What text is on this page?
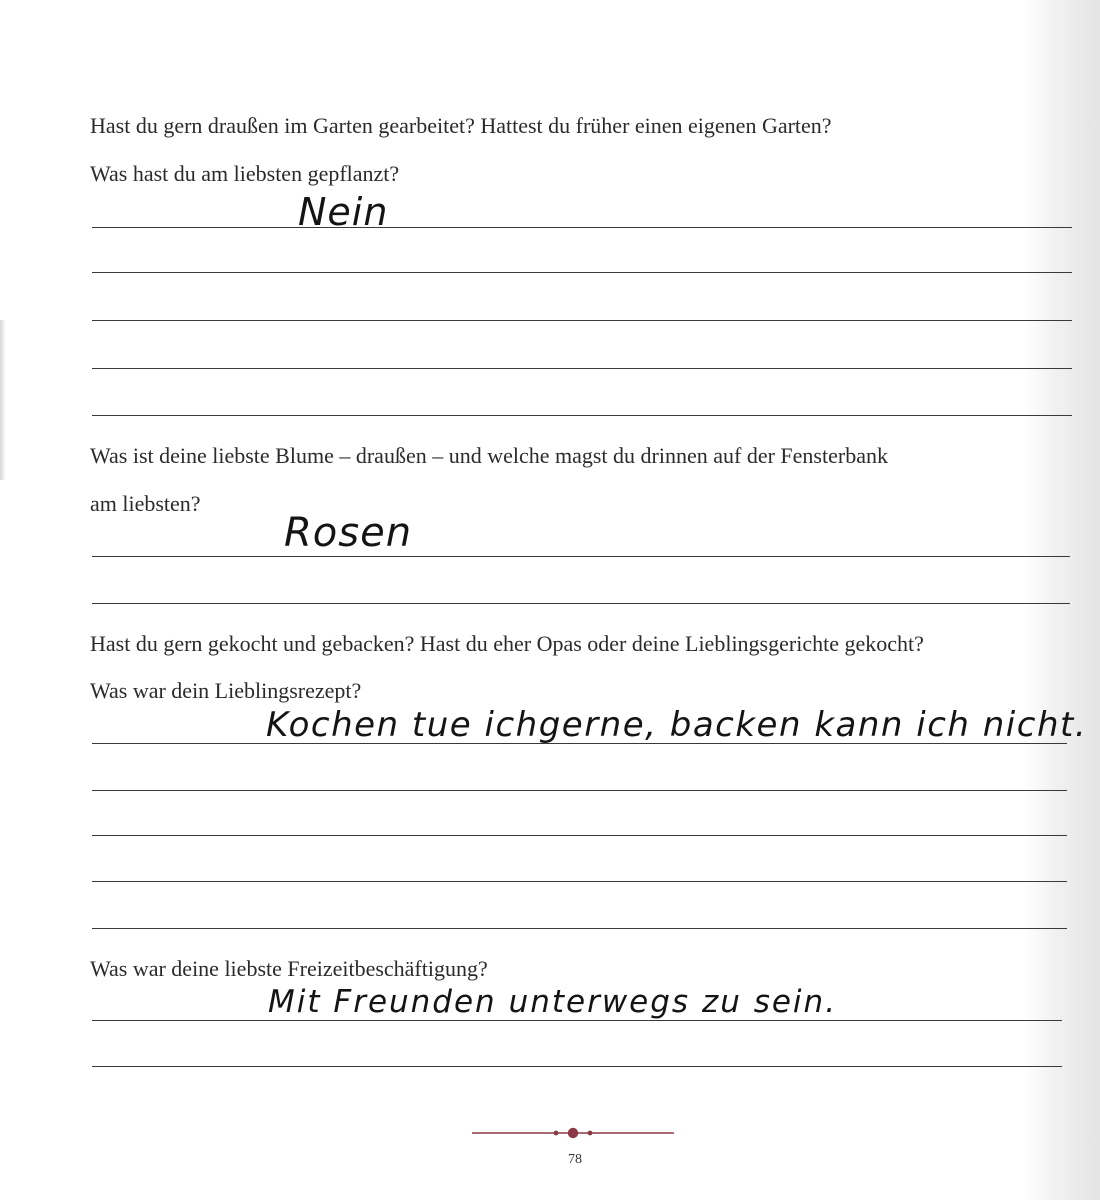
Hast du gern draußen im Garten gearbeitet? Hattest du früher einen eigenen Garten?
Was hast du am liebsten gepflanzt?
Nein
Was ist deine liebste Blume – draußen – und welche magst du drinnen auf der Fensterbank
am liebsten?
Rosen
Hast du gern gekocht und gebacken? Hast du eher Opas oder deine Lieblingsgerichte gekocht?
Was war dein Lieblingsrezept?
Kochen tue ichgerne, backen kann ich nicht.
Was war deine liebste Freizeitbeschäftigung?
Mit Freunden unterwegs zu sein.
78
